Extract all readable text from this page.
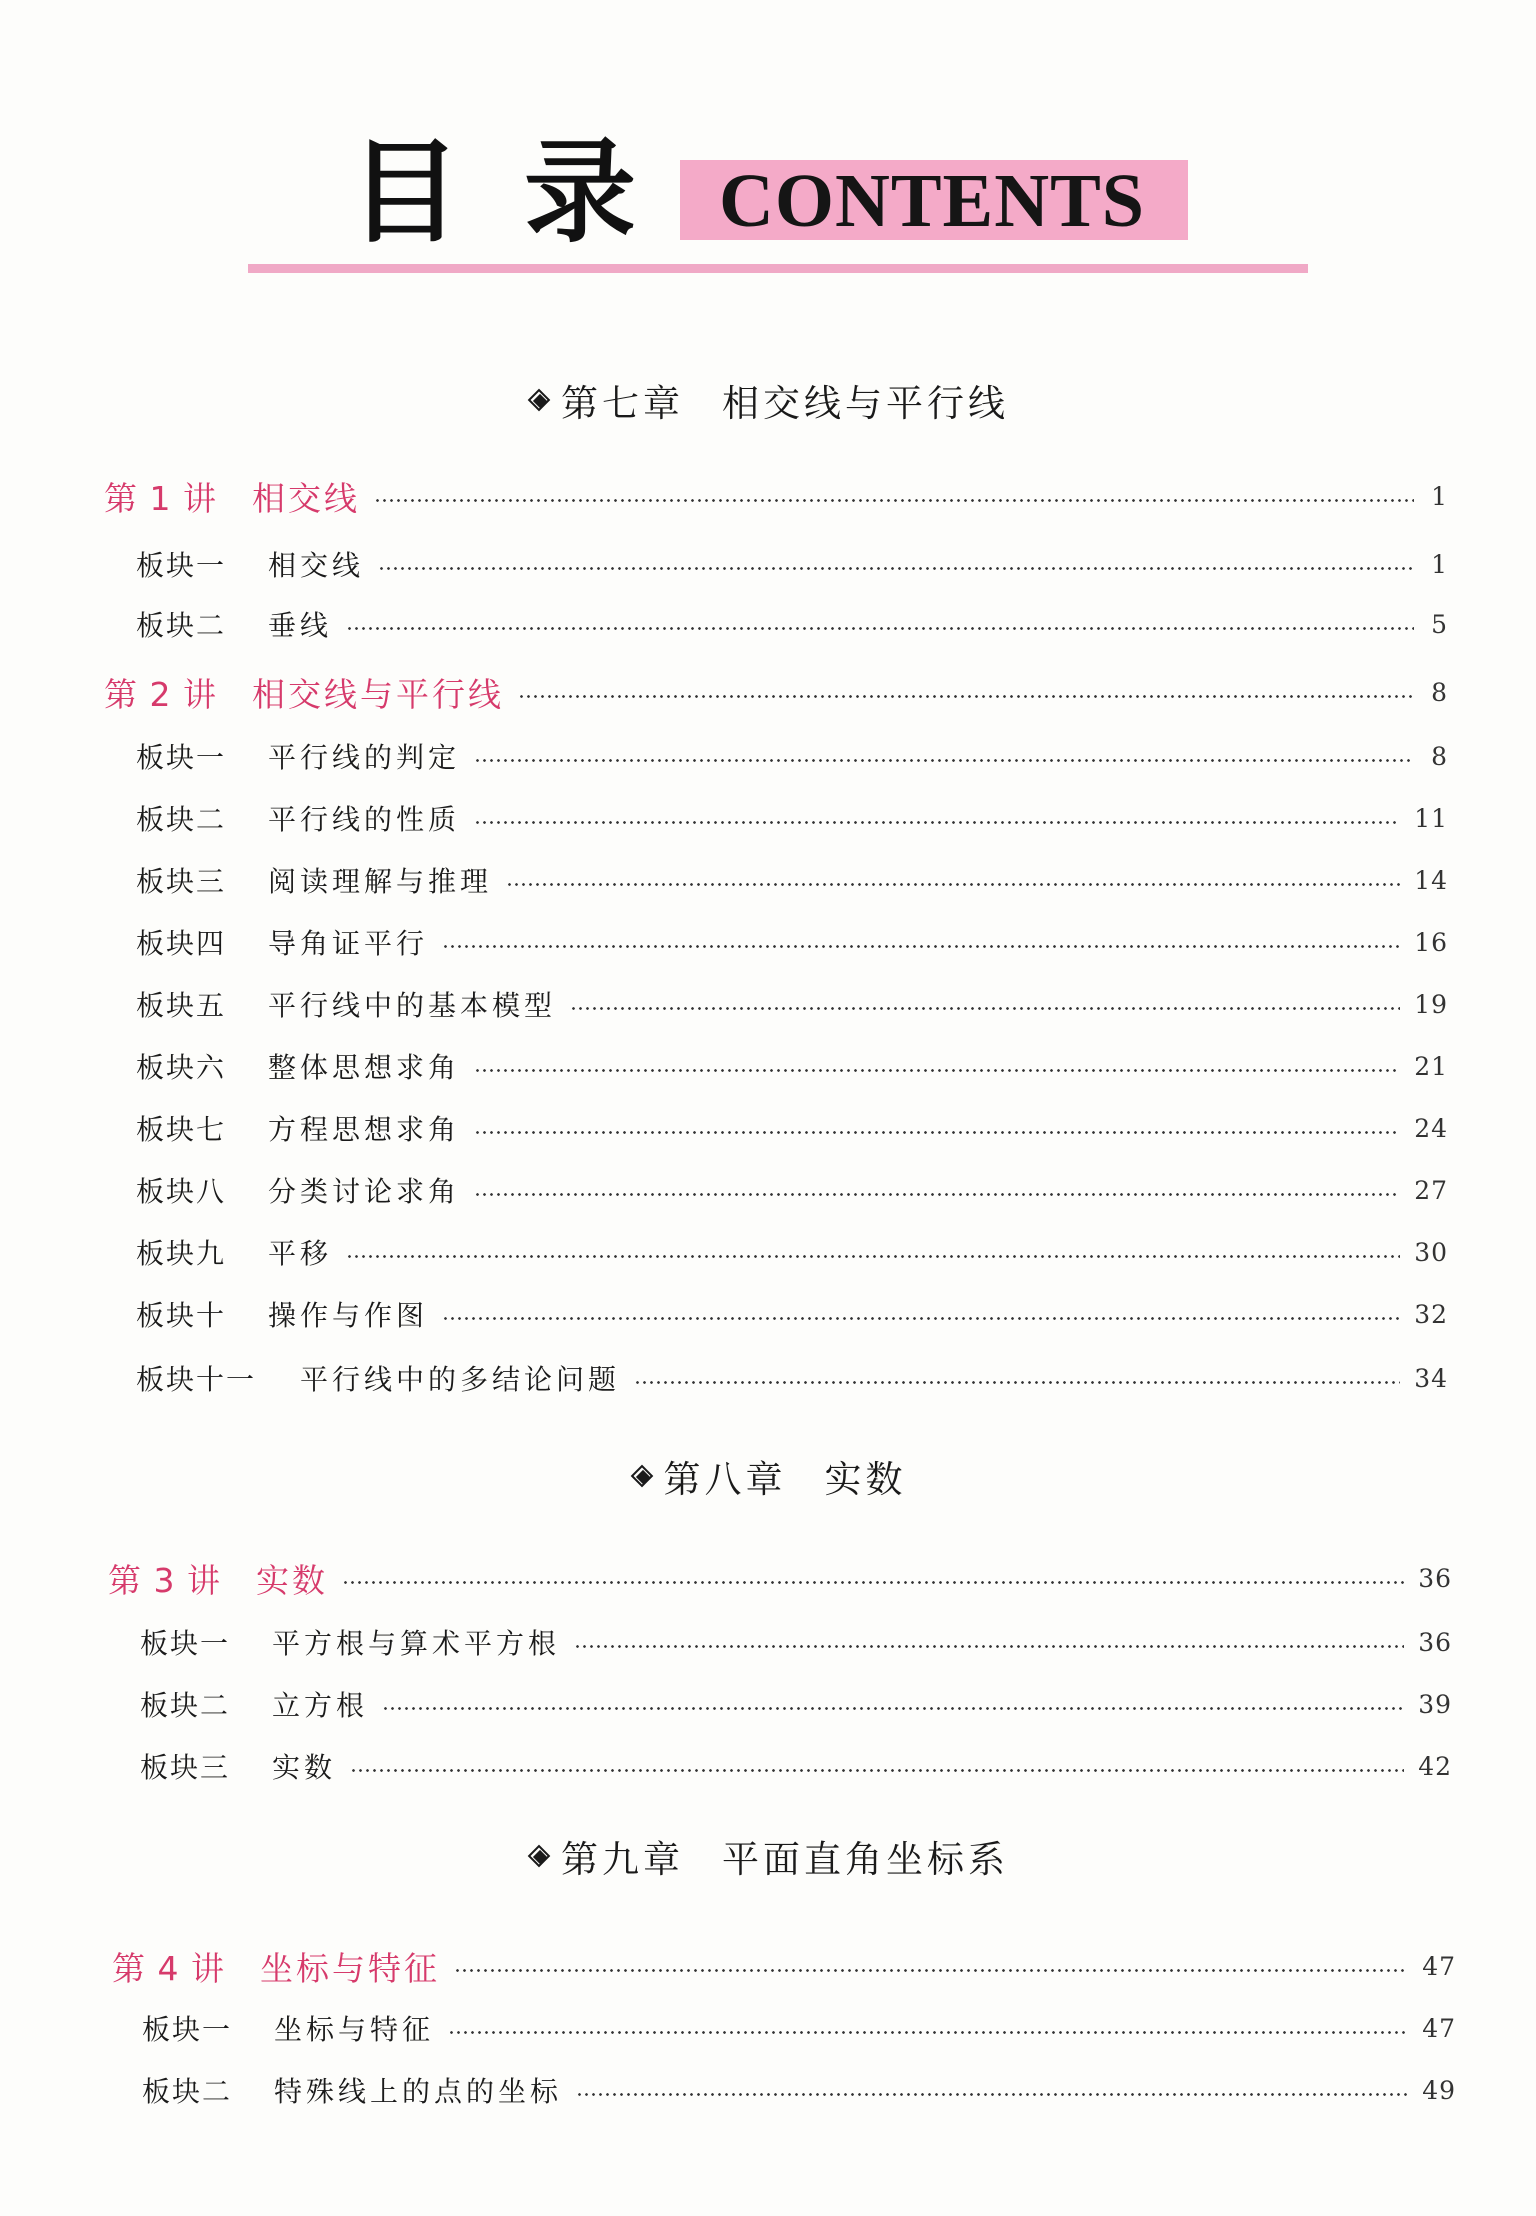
目 录	CONTENTS
第七章 相交线与平行线
第 1 讲	相交线	1
板块一	相交线	1
板块二	垂线	5
第 2 讲	相交线与平行线	8
板块一	平行线的判定	8
板块二	平行线的性质	11
板块三	阅读理解与推理	14
板块四	导角证平行	16
板块五	平行线中的基本模型	19
板块六	整体思想求角	21
板块七	方程思想求角	24
板块八	分类讨论求角	27
板块九	平移	30
板块十	操作与作图	32
板块十一	平行线中的多结论问题	34
第八章 实数
第 3 讲	实数	36
板块一	平方根与算术平方根	36
板块二	立方根	39
板块三	实数	42
第九章 平面直角坐标系
第 4 讲	坐标与特征	47
板块一	坐标与特征	47
板块二	特殊线上的点的坐标	49
